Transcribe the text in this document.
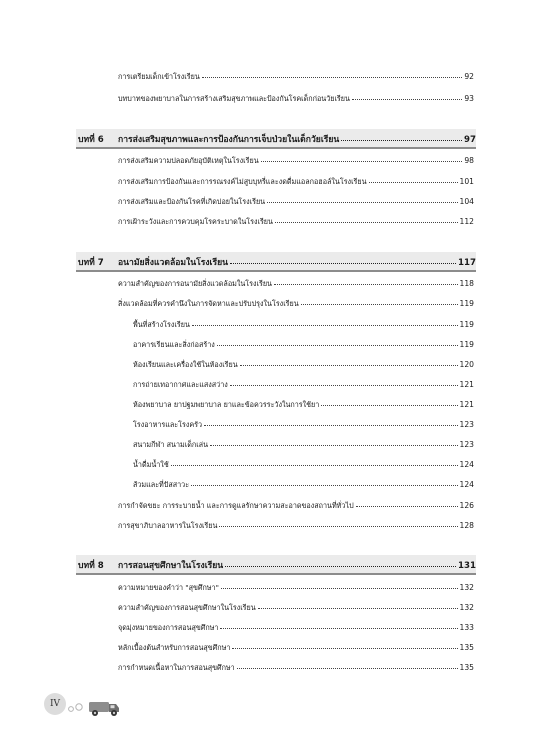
การเตรียมเด็กเข้าโรงเรียน	92
บทบาทของพยาบาลในการสร้างเสริมสุขภาพและป้องกันโรคเด็กก่อนวัยเรียน	93
บทที่ 6 การส่งเสริมสุขภาพและการป้องกันการเจ็บป่วยในเด็กวัยเรียน	97
การส่งเสริมความปลอดภัยอุบัติเหตุในโรงเรียน	98
การส่งเสริมการป้องกันและการรณรงค์ไม่สูบบุหรี่และงดดื่มแอลกอฮอล์ในโรงเรียน	101
การส่งเสริมและป้องกันโรคที่เกิดบ่อยในโรงเรียน	104
การเฝ้าระวังและการควบคุมโรคระบาดในโรงเรียน	112
บทที่ 7 อนามัยสิ่งแวดล้อมในโรงเรียน	117
ความสำคัญของการอนามัยสิ่งแวดล้อมในโรงเรียน	118
สิ่งแวดล้อมที่ควรคำนึงในการจัดหาและปรับปรุงในโรงเรียน	119
พื้นที่สร้างโรงเรียน	119
อาคารเรียนและสิ่งก่อสร้าง	119
ห้องเรียนและเครื่องใช้ในห้องเรียน	120
การถ่ายเทอากาศและแสงสว่าง	121
ห้องพยาบาล ยาปฐมพยาบาล ยาและข้อควรระวังในการใช้ยา	121
โรงอาหารและโรงครัว	123
สนามกีฬา สนามเด็กเล่น	123
น้ำดื่มน้ำใช้	124
ส้วมและที่ปัสสาวะ	124
การกำจัดขยะ การระบายน้ำ และการดูแลรักษาความสะอาดของสถานที่ทั่วไป	126
การสุขาภิบาลอาหารในโรงเรียน	128
บทที่ 8 การสอนสุขศึกษาในโรงเรียน	131
ความหมายของคำว่า "สุขศึกษา"	132
ความสำคัญของการสอนสุขศึกษาในโรงเรียน	132
จุดมุ่งหมายของการสอนสุขศึกษา	133
หลักเบื้องต้นสำหรับการสอนสุขศึกษา	135
การกำหนดเนื้อหาในการสอนสุขศึกษา	135
IV
